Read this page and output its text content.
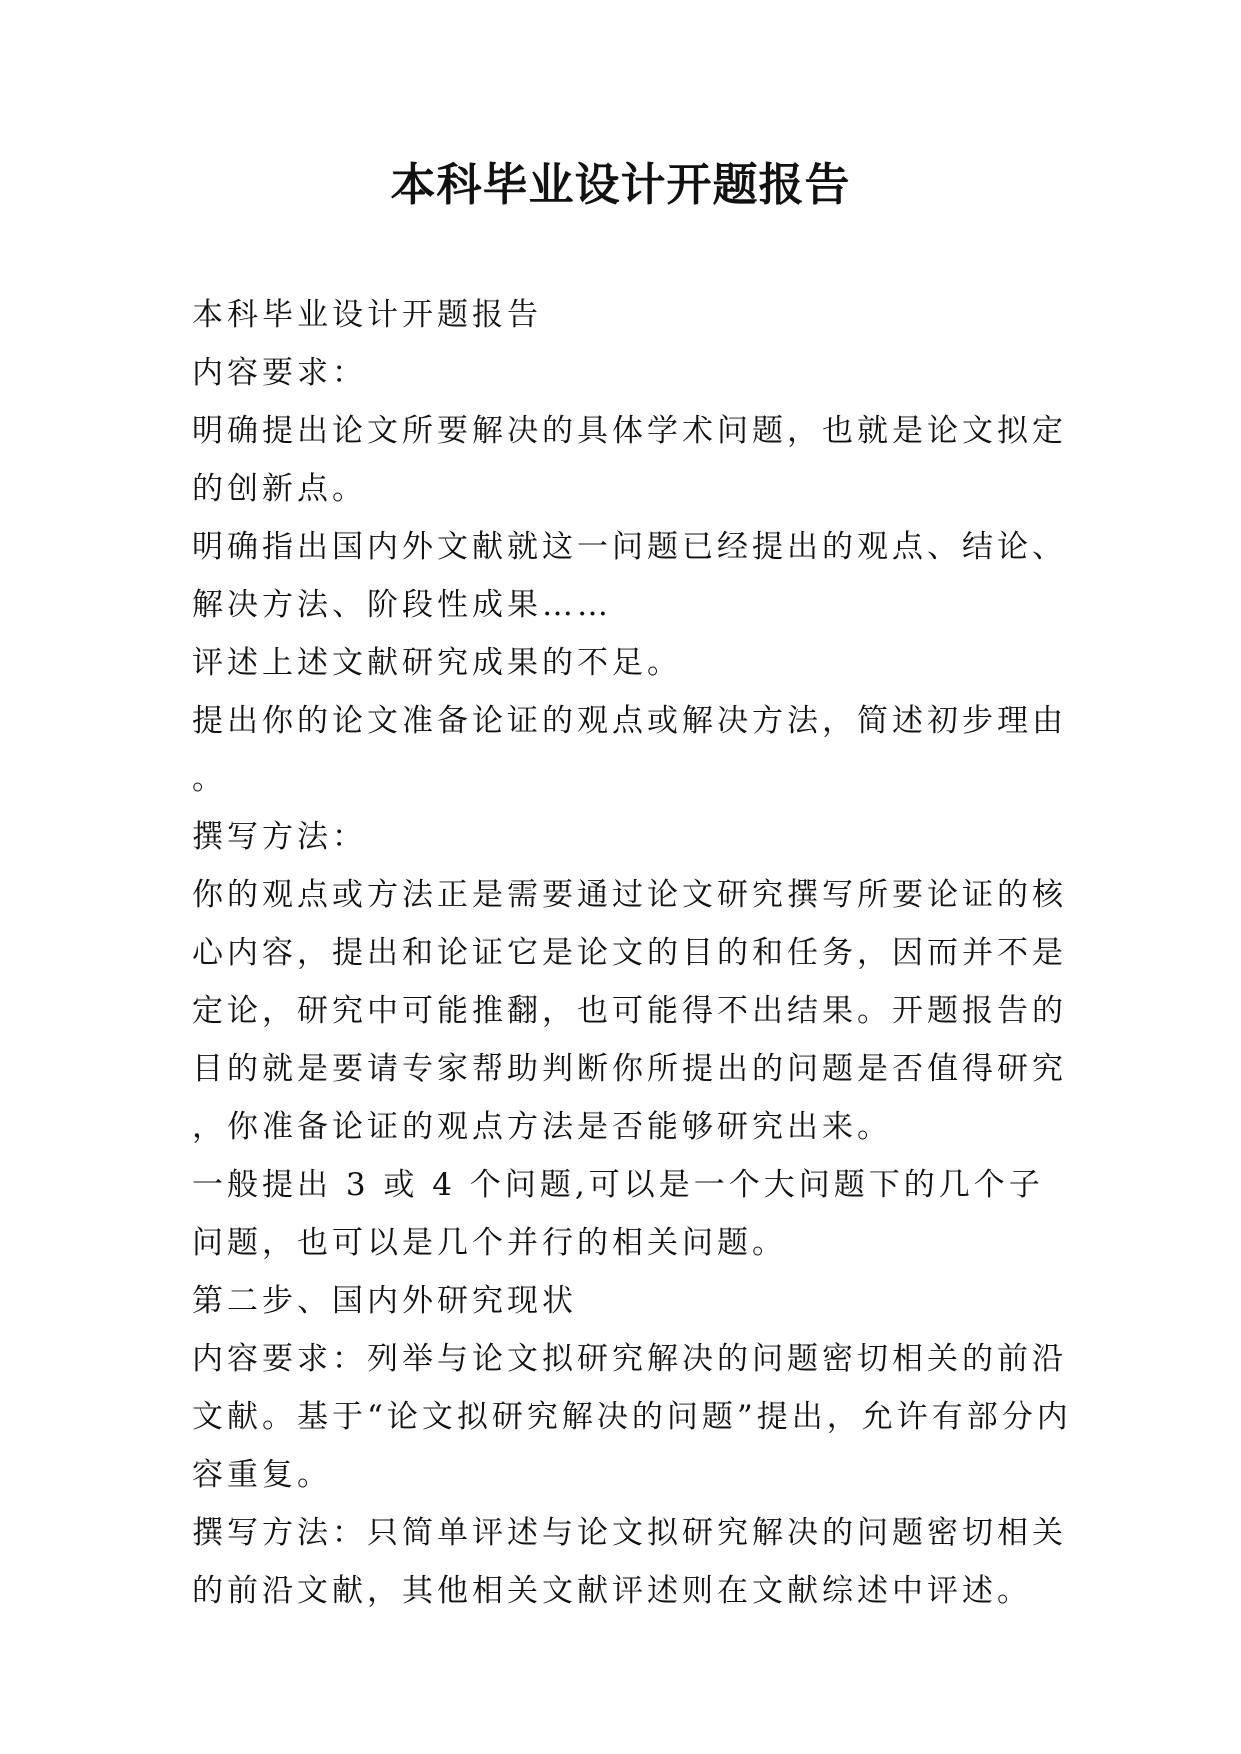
本科毕业设计开题报告

本科毕业设计开题报告

内容要求：

明确提出论文所要解决的具体学术问题，也就是论文拟定的创新点。

明确指出国内外文献就这一问题已经提出的观点、结论、解决方法、阶段性成果……

评述上述文献研究成果的不足。

提出你的论文准备论证的观点或解决方法，简述初步理由。

撰写方法：

你的观点或方法正是需要通过论文研究撰写所要论证的核心内容，提出和论证它是论文的目的和任务，因而并不是定论，研究中可能推翻，也可能得不出结果。开题报告的目的就是要请专家帮助判断你所提出的问题是否值得研究，你准备论证的观点方法是否能够研究出来。

一般提出 3 或 4 个问题,可以是一个大问题下的几个子问题，也可以是几个并行的相关问题。

第二步、国内外研究现状

内容要求：列举与论文拟研究解决的问题密切相关的前沿文献。基于“论文拟研究解决的问题”提出，允许有部分内容重复。

撰写方法：只简单评述与论文拟研究解决的问题密切相关的前沿文献，其他相关文献评述则在文献综述中评述。
